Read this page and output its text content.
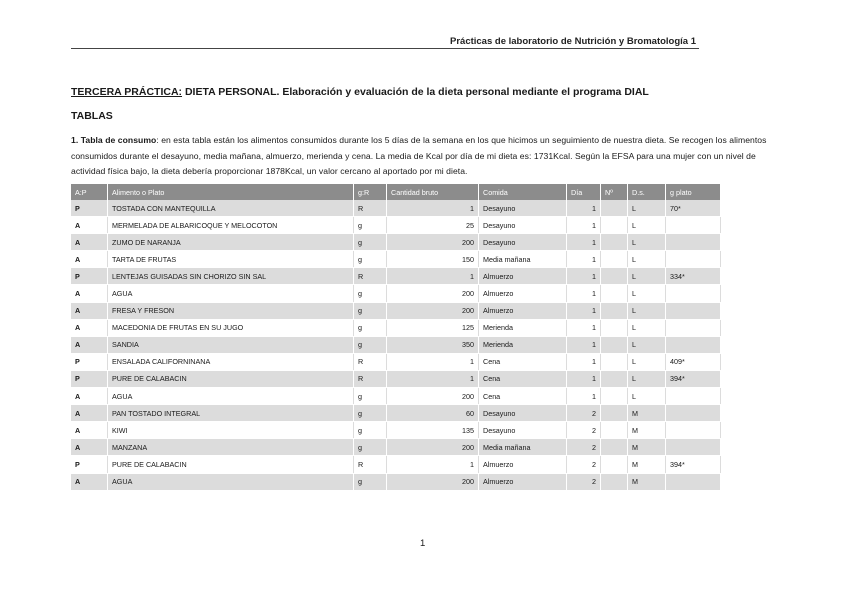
Prácticas de laboratorio de Nutrición y Bromatología 1
TERCERA PRÁCTICA: DIETA PERSONAL. Elaboración y evaluación de la dieta personal mediante el programa DIAL
TABLAS
1. Tabla de consumo: en esta tabla están los alimentos consumidos durante los 5 días de la semana en los que hicimos un seguimiento de nuestra dieta. Se recogen los alimentos consumidos durante el desayuno, media mañana, almuerzo, merienda y cena. La media de Kcal por día de mi dieta es: 1731Kcal. Según la EFSA para una mujer con un nivel de actividad física bajo, la dieta debería proporcionar 1878Kcal, un valor cercano al aportado por mi dieta.
A:P	Alimento o Plato	g:R	Cantidad bruto	Comida	Día	Nº	D.s.	g plato
P	TOSTADA CON MANTEQUILLA	R	1	Desayuno	1		L	70*
A	MERMELADA DE ALBARICOQUE Y MELOCOTON	g	25	Desayuno	1		L	
A	ZUMO DE NARANJA	g	200	Desayuno	1		L	
A	TARTA DE FRUTAS	g	150	Media mañana	1		L	
P	LENTEJAS GUISADAS SIN CHORIZO SIN SAL	R	1	Almuerzo	1		L	334*
A	AGUA	g	200	Almuerzo	1		L	
A	FRESA Y FRESON	g	200	Almuerzo	1		L	
A	MACEDONIA DE FRUTAS EN SU JUGO	g	125	Merienda	1		L	
A	SANDIA	g	350	Merienda	1		L	
P	ENSALADA CALIFORNINANA	R	1	Cena	1		L	409*
P	PURE DE CALABACIN	R	1	Cena	1		L	394*
A	AGUA	g	200	Cena	1		L	
A	PAN TOSTADO INTEGRAL	g	60	Desayuno	2		M	
A	KIWI	g	135	Desayuno	2		M	
A	MANZANA	g	200	Media mañana	2		M	
P	PURE DE CALABACIN	R	1	Almuerzo	2		M	394*
A	AGUA	g	200	Almuerzo	2		M	
1
